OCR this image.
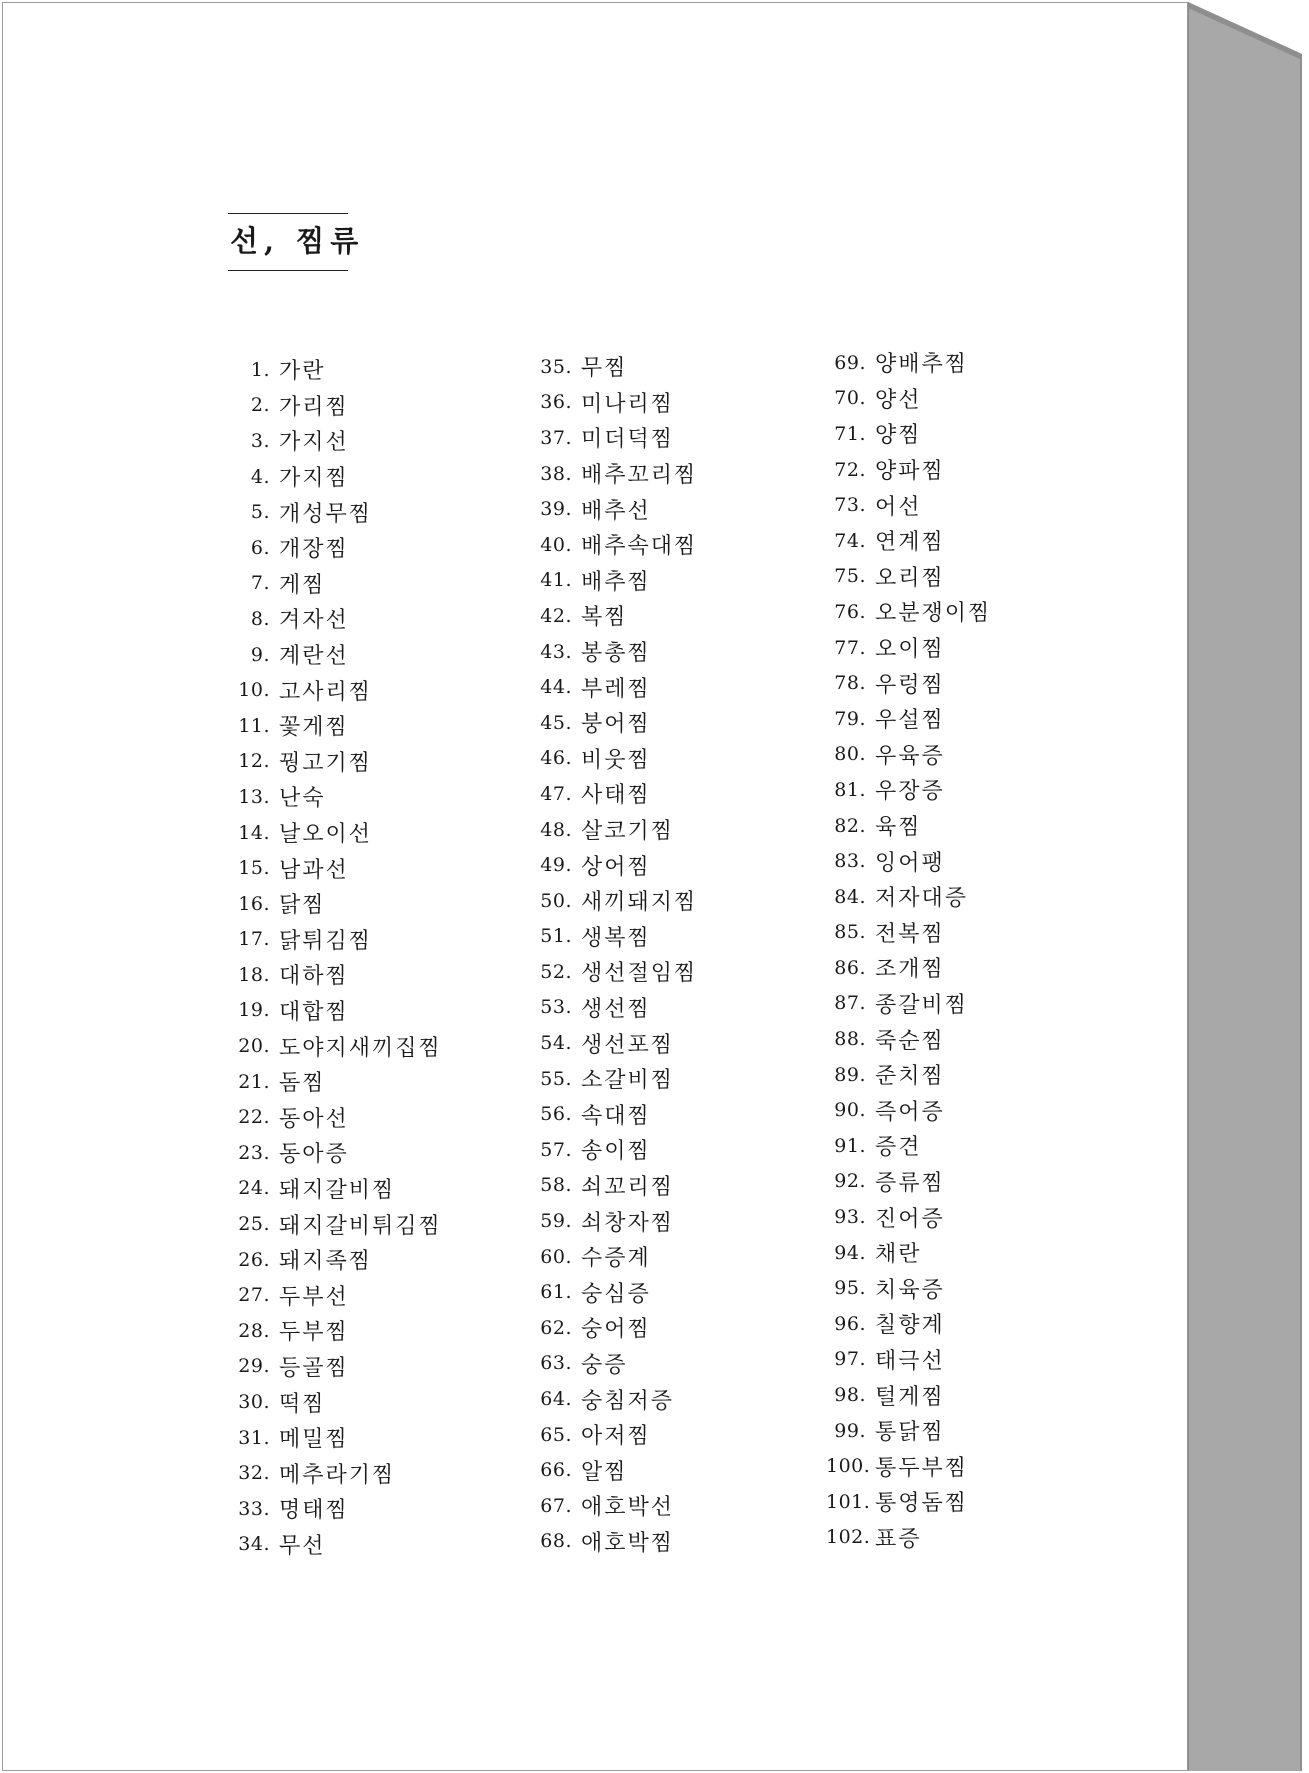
선, 찜류
1. 가란
2. 가리찜
3. 가지선
4. 가지찜
5. 개성무찜
6. 개장찜
7. 게찜
8. 겨자선
9. 계란선
10. 고사리찜
11. 꽃게찜
12. 꿩고기찜
13. 난숙
14. 날오이선
15. 남과선
16. 닭찜
17. 닭튀김찜
18. 대하찜
19. 대합찜
20. 도야지새끼집찜
21. 돔찜
22. 동아선
23. 동아증
24. 돼지갈비찜
25. 돼지갈비튀김찜
26. 돼지족찜
27. 두부선
28. 두부찜
29. 등골찜
30. 떡찜
31. 메밀찜
32. 메추라기찜
33. 명태찜
34. 무선
35. 무찜
36. 미나리찜
37. 미더덕찜
38. 배추꼬리찜
39. 배추선
40. 배추속대찜
41. 배추찜
42. 복찜
43. 봉총찜
44. 부레찜
45. 붕어찜
46. 비웃찜
47. 사태찜
48. 살코기찜
49. 상어찜
50. 새끼돼지찜
51. 생복찜
52. 생선절임찜
53. 생선찜
54. 생선포찜
55. 소갈비찜
56. 속대찜
57. 송이찜
58. 쇠꼬리찜
59. 쇠창자찜
60. 수증계
61. 숭심증
62. 숭어찜
63. 숭증
64. 숭침저증
65. 아저찜
66. 알찜
67. 애호박선
68. 애호박찜
69. 양배추찜
70. 양선
71. 양찜
72. 양파찜
73. 어선
74. 연계찜
75. 오리찜
76. 오분쟁이찜
77. 오이찜
78. 우렁찜
79. 우설찜
80. 우육증
81. 우장증
82. 육찜
83. 잉어팽
84. 저자대증
85. 전복찜
86. 조개찜
87. 종갈비찜
88. 죽순찜
89. 준치찜
90. 즉어증
91. 증견
92. 증류찜
93. 진어증
94. 채란
95. 치육증
96. 칠향계
97. 태극선
98. 털게찜
99. 통닭찜
100. 통두부찜
101. 통영돔찜
102. 표증
